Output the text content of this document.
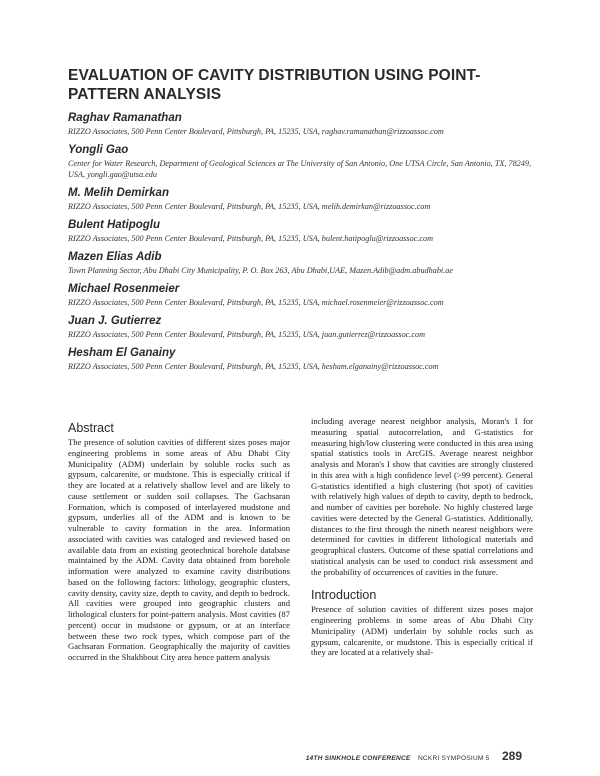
EVALUATION OF CAVITY DISTRIBUTION USING POINT-PATTERN ANALYSIS
Raghav Ramanathan
RIZZO Associates, 500 Penn Center Boulevard, Pittsburgh, PA, 15235, USA, raghav.ramanathan@rizzoassoc.com
Yongli Gao
Center for Water Research, Department of Geological Sciences at The University of San Antonio, One UTSA Circle, San Antonio, TX, 78249, USA, yongli.gao@utsa.edu
M. Melih Demirkan
RIZZO Associates, 500 Penn Center Boulevard, Pittsburgh, PA, 15235, USA, melih.demirkan@rizzoassoc.com
Bulent Hatipoglu
RIZZO Associates, 500 Penn Center Boulevard, Pittsburgh, PA, 15235, USA, bulent.hatipoglu@rizzoassoc.com
Mazen Elias Adib
Town Planning Sector, Abu Dhabi City Municipality, P. O. Box 263, Abu Dhabi,UAE, Mazen.Adib@adm.abudhabi.ae
Michael Rosenmeier
RIZZO Associates, 500 Penn Center Boulevard, Pittsburgh, PA, 15235, USA, michael.rosenmeier@rizzoassoc.com
Juan J. Gutierrez
RIZZO Associates, 500 Penn Center Boulevard, Pittsburgh, PA, 15235, USA, juan.gutierrez@rizzoassoc.com
Hesham El Ganainy
RIZZO Associates, 500 Penn Center Boulevard, Pittsburgh, PA, 15235, USA, hesham.elganainy@rizzoassoc.com
Abstract

The presence of solution cavities of different sizes poses major engineering problems in some areas of Abu Dhabi City Municipality (ADM) underlain by soluble rocks such as gypsum, calcarenite, or mudstone. This is especially critical if they are located at a relatively shallow level and are likely to cause settlement or sudden soil collapses. The Gachsaran Formation, which is composed of interlayered mudstone and gypsum, underlies all of the ADM and is known to be vulnerable to cavity formation in the area. Information associated with cavities was cataloged and reviewed based on available data from an existing geotechnical borehole database maintained by the ADM. Cavity data obtained from borehole information were analyzed to examine cavity distributions based on the following factors: lithology, geographic clusters, cavity density, cavity size, depth to cavity, and depth to bedrock. All cavities were grouped into geographic clusters and lithological clusters for point-pattern analysis. Most cavities (87 percent) occur in mudstone or gypsum, or at an interface between these two rock types, which compose part of the Gachsaran Formation. Geographically the majority of cavities occurred in the Shakhbout City area hence pattern analysis

including average nearest neighbor analysis, Moran's I for measuring spatial autocorrelation, and G-statistics for measuring high/low clustering were conducted in this area using spatial statistics tools in ArcGIS. Average nearest neighbor analysis and Moran's I show that cavities are strongly clustered in this area with a high confidence level (>99 percent). General G-statistics identified a high clustering (hot spot) of cavities with relatively high values of depth to cavity, depth to bedrock, and number of cavities per borehole. No highly clustered large cavities were detected by the General G-statistics. Additionally, distances to the first through the nineth nearest neighbors were determined for cavities in different lithological materials and geographical clusters. Outcome of these spatial correlations and statistical analysis can be used to conduct risk assessment and the probability of occurrences of cavities in the future.

Introduction

Presence of solution cavities of different sizes poses major engineering problems in some areas of Abu Dhabi City Municipality (ADM) underlain by soluble rocks such as gypsum, calcarenite, or mudstone. This is especially critical if they are located at a relatively shal-

14TH SINKHOLE CONFERENCE NCKRI SYMPOSIUM 5 289
